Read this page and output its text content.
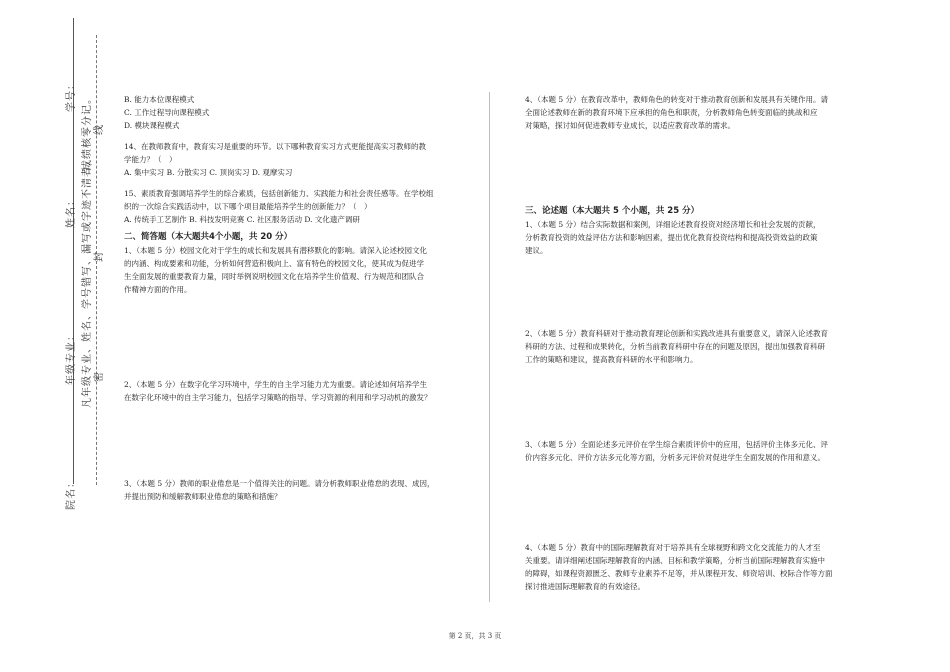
学号： 成绩核零分记。 线
姓名： 凡年级专业、姓名、学号错写、漏写或字迹不清者， 封
年级专业：	密
院名：

B. 能力本位课程模式

C. 工作过程导向课程模式

D. 模块课程模式

14、在教师教育中，教育实习是重要的环节。以下哪种教育实习方式更能提高实习教师的教

学能力？（　）

A. 集中实习 B. 分散实习 C. 顶岗实习 D. 观摩实习

15、素质教育强调培养学生的综合素质，包括创新能力、实践能力和社会责任感等。在学校组

织的一次综合实践活动中，以下哪个项目最能培养学生的创新能力？（　）

A. 传统手工艺制作 B. 科技发明竞赛 C. 社区服务活动 D. 文化遗产调研

二、简答题（本大题共4个小题，共 20 分）

1、（本题 5 分）校园文化对于学生的成长和发展具有潜移默化的影响。请深入论述校园文化

的内涵、构成要素和功能，分析如何营造积极向上、富有特色的校园文化，使其成为促进学

生全面发展的重要教育力量，同时举例说明校园文化在培养学生价值观、行为规范和团队合

作精神方面的作用。

2、（本题 5 分）在数字化学习环境中，学生的自主学习能力尤为重要。请论述如何培养学生

在数字化环境中的自主学习能力，包括学习策略的指导、学习资源的利用和学习动机的激发？

3、（本题 5 分）教师的职业倦怠是一个值得关注的问题。请分析教师职业倦怠的表现、成因，

并提出预防和缓解教师职业倦怠的策略和措施？

4、（本题 5 分）在教育改革中，教师角色的转变对于推动教育创新和发展具有关键作用。请

全面论述教师在新的教育环境下应承担的角色和职责，分析教师角色转变面临的挑战和应

对策略，探讨如何促进教师专业成长，以适应教育改革的需求。

三、论述题（本大题共 5 个小题，共 25 分）

1、（本题 5 分）结合实际数据和案例，详细论述教育投资对经济增长和社会发展的贡献，

分析教育投资的效益评估方法和影响因素，提出优化教育投资结构和提高投资效益的政策

建议。

2、（本题 5 分）教育科研对于推动教育理论创新和实践改进具有重要意义，请深入论述教育

科研的方法、过程和成果转化，分析当前教育科研中存在的问题及原因，提出加强教育科研

工作的策略和建议，提高教育科研的水平和影响力。

3、（本题 5 分）全面论述多元评价在学生综合素质评价中的应用，包括评价主体多元化、评

价内容多元化、评价方法多元化等方面，分析多元评价对促进学生全面发展的作用和意义。

4、（本题 5 分）教育中的国际理解教育对于培养具有全球视野和跨文化交流能力的人才至

关重要。请详细阐述国际理解教育的内涵、目标和教学策略，分析当前国际理解教育实施中

的障碍，如课程资源匮乏、教师专业素养不足等，并从课程开发、师资培训、校际合作等方面

探讨推进国际理解教育的有效途径。

第 2 页，共 3 页
